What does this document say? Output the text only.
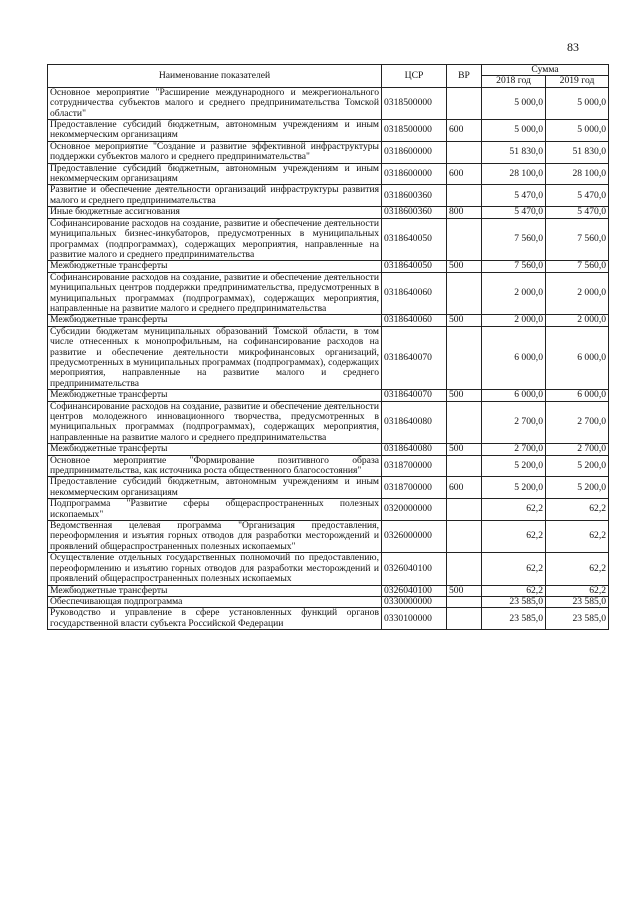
83
Наименование показателей	ЦСР	ВР	Сумма	
			2018 год	2019 год
Основное мероприятие "Расширение международного и межрегионального сотрудничества субъектов малого и среднего предпринимательства Томской области"	0318500000		5 000,0	5 000,0
Предоставление субсидий бюджетным, автономным учреждениям и иным некоммерческим организациям	0318500000	600	5 000,0	5 000,0
Основное мероприятие "Создание и развитие эффективной инфраструктуры поддержки субъектов малого и среднего предпринимательства"	0318600000		51 830,0	51 830,0
Предоставление субсидий бюджетным, автономным учреждениям и иным некоммерческим организациям	0318600000	600	28 100,0	28 100,0
Развитие и обеспечение деятельности организаций инфраструктуры развития малого и среднего предпринимательства	0318600360		5 470,0	5 470,0
Иные бюджетные ассигнования	0318600360	800	5 470,0	5 470,0
Софинансирование расходов на создание, развитие и обеспечение деятельности муниципальных бизнес-инкубаторов, предусмотренных в муниципальных программах (подпрограммах), содержащих мероприятия, направленные на развитие малого и среднего предпринимательства	0318640050		7 560,0	7 560,0
Межбюджетные трансферты	0318640050	500	7 560,0	7 560,0
Софинансирование расходов на создание, развитие и обеспечение деятельности муниципальных центров поддержки предпринимательства, предусмотренных в муниципальных программах (подпрограммах), содержащих мероприятия, направленные на развитие малого и среднего предпринимательства	0318640060		2 000,0	2 000,0
Межбюджетные трансферты	0318640060	500	2 000,0	2 000,0
Субсидии бюджетам муниципальных образований Томской области, в том числе отнесенных к монопрофильным, на софинансирование расходов на развитие и обеспечение деятельности микрофинансовых организаций, предусмотренных в муниципальных программах (подпрограммах), содержащих мероприятия, направленные на развитие малого и среднего предпринимательства	0318640070		6 000,0	6 000,0
Межбюджетные трансферты	0318640070	500	6 000,0	6 000,0
Софинансирование расходов на создание, развитие и обеспечение деятельности центров молодежного инновационного творчества, предусмотренных в муниципальных программах (подпрограммах), содержащих мероприятия, направленные на развитие малого и среднего предпринимательства	0318640080		2 700,0	2 700,0
Межбюджетные трансферты	0318640080	500	2 700,0	2 700,0
Основное мероприятие "Формирование позитивного образа предпринимательства, как источника роста общественного благосостояния"	0318700000		5 200,0	5 200,0
Предоставление субсидий бюджетным, автономным учреждениям и иным некоммерческим организациям	0318700000	600	5 200,0	5 200,0
Подпрограмма "Развитие сферы общераспространенных полезных ископаемых"	0320000000		62,2	62,2
Ведомственная целевая программа "Организация предоставления, переоформления и изъятия горных отводов для разработки месторождений и проявлений общераспространенных полезных ископаемых"	0326000000		62,2	62,2
Осуществление отдельных государственных полномочий по предоставлению, переоформлению и изъятию горных отводов для разработки месторождений и проявлений общераспространенных полезных ископаемых	0326040100		62,2	62,2
Межбюджетные трансферты	0326040100	500	62,2	62,2
Обеспечивающая подпрограмма	0330000000		23 585,0	23 585,0
Руководство и управление в сфере установленных функций органов государственной власти субъекта Российской Федерации	0330100000		23 585,0	23 585,0
